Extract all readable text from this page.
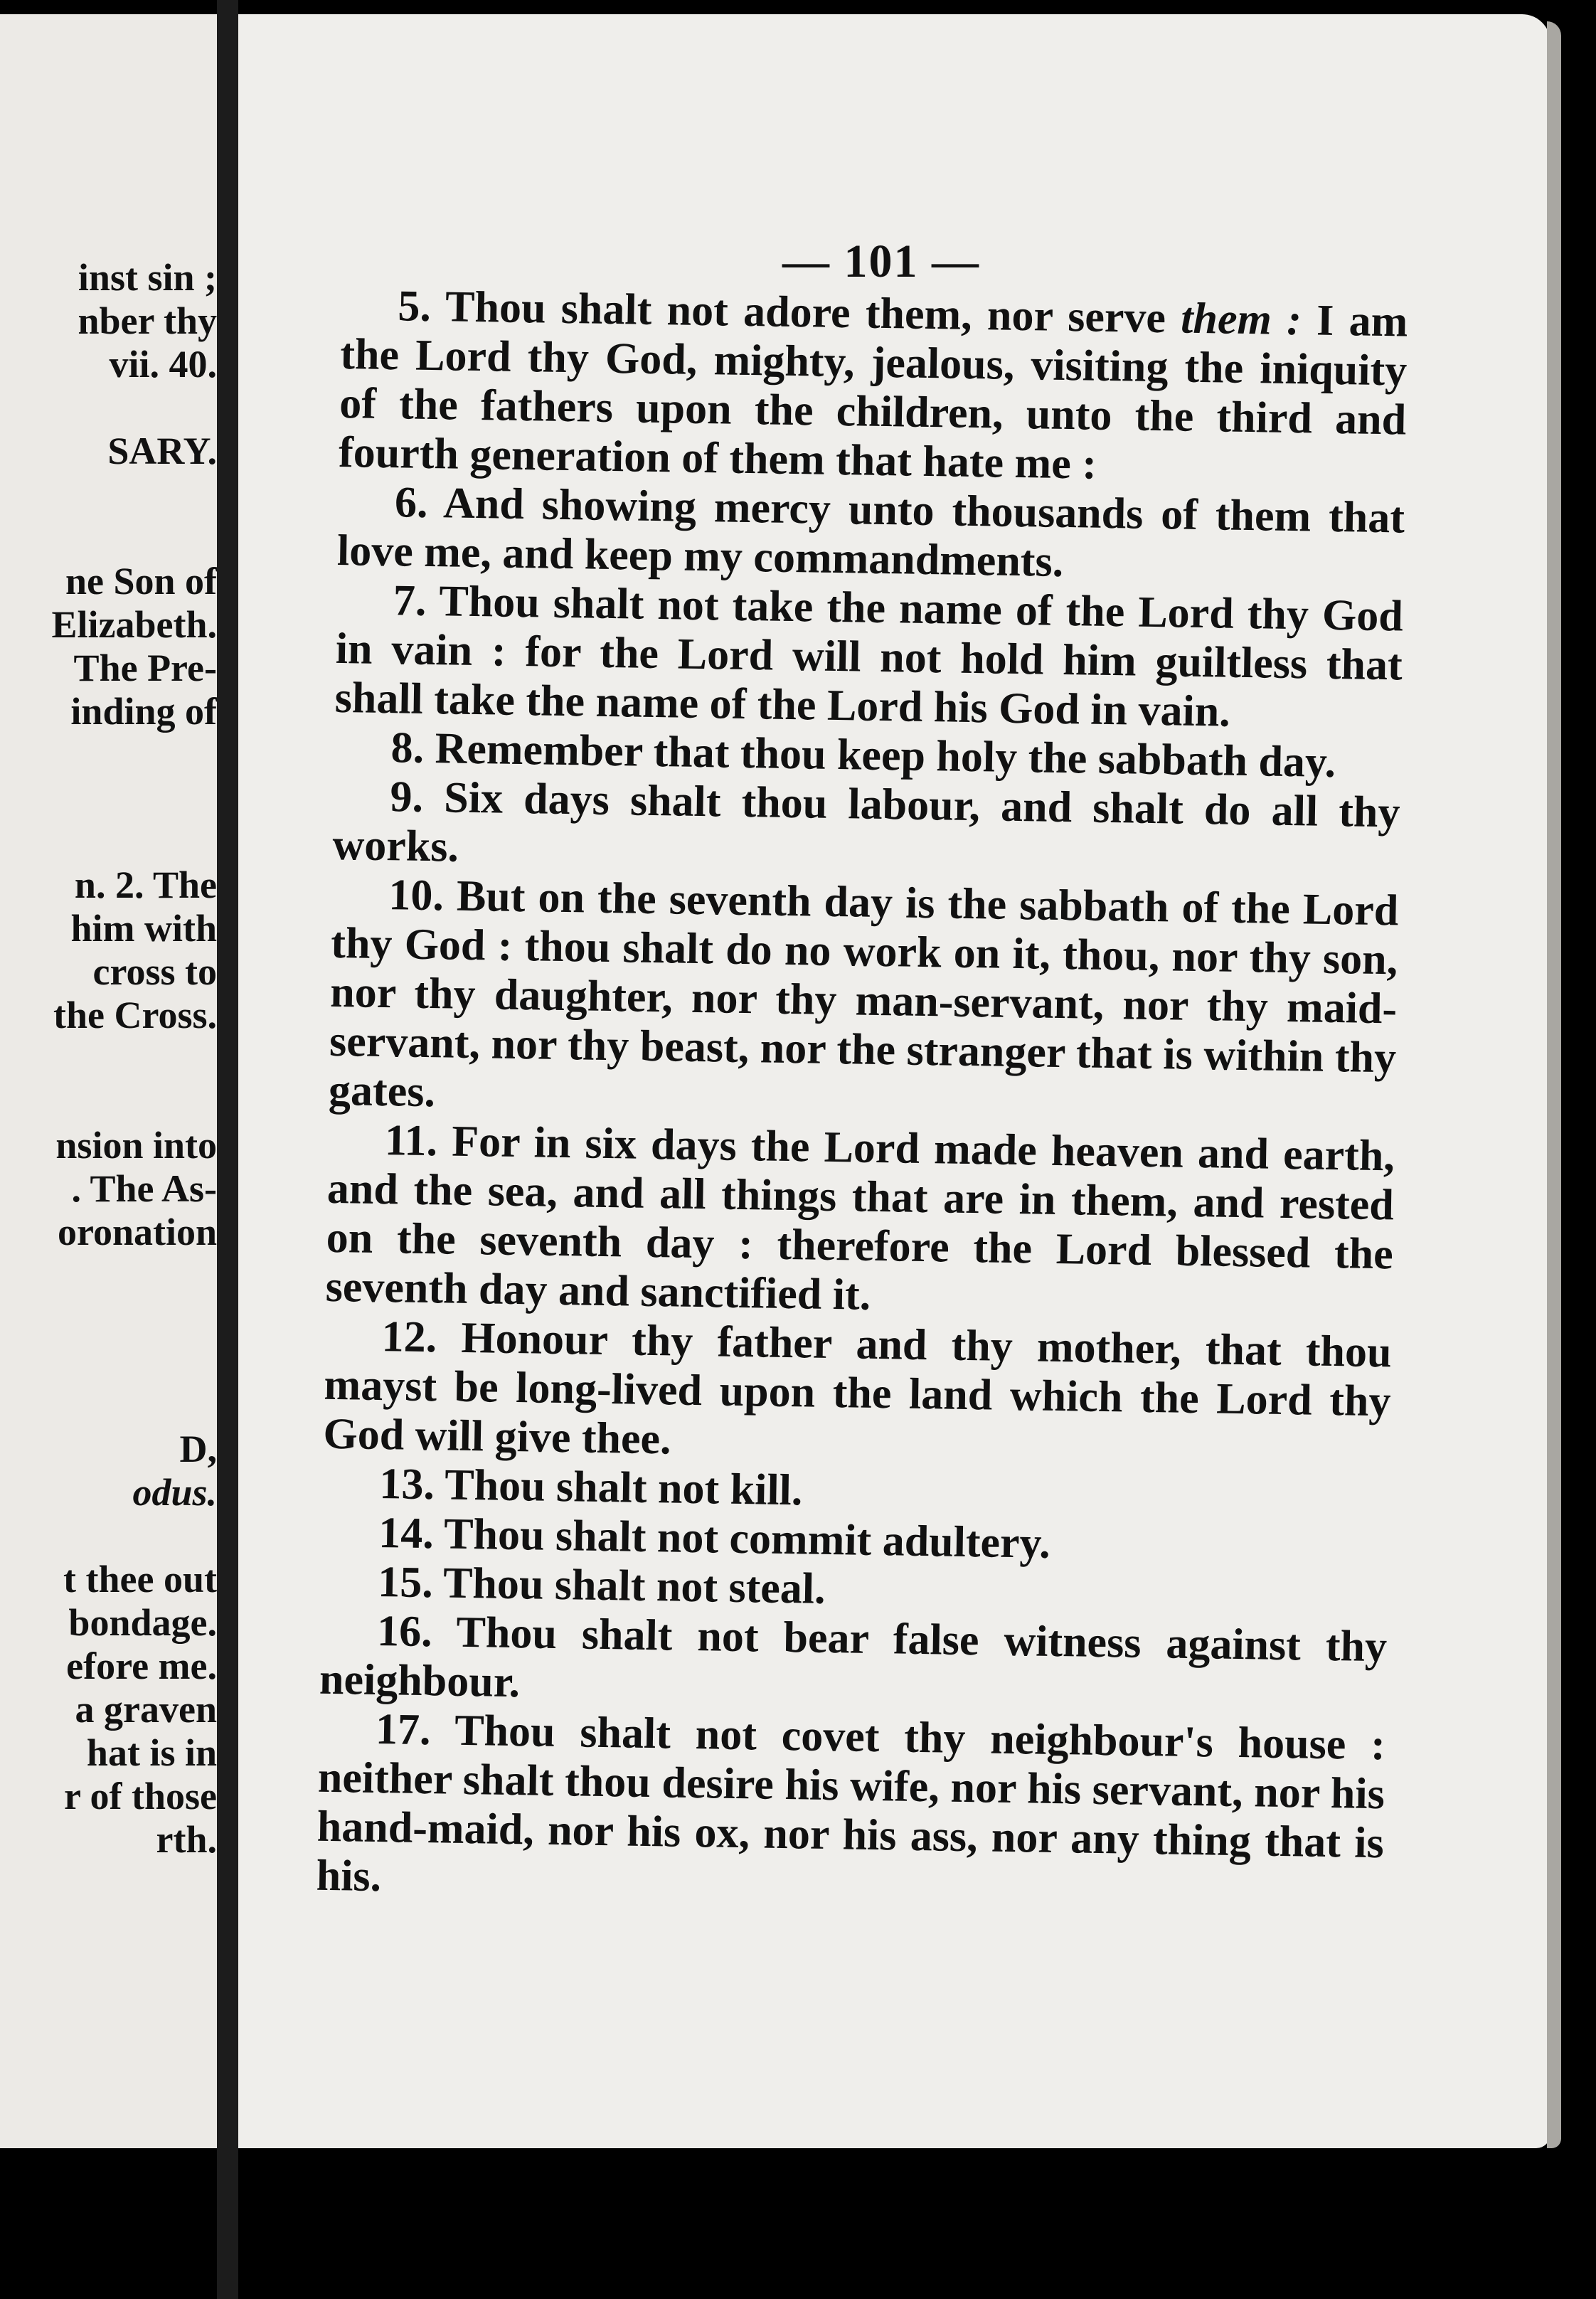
inst sin ;
nber thy
vii. 40.
SARY.
ne Son of
Elizabeth.
The Pre-
inding of
n. 2. The
him with
cross to
the Cross.
nsion into
. The As-
oronation
D,
odus.
t thee out
bondage.
efore me.
a graven
hat is in
r of those
rth.
— 101 —

5. Thou shalt not adore them, nor serve them : I am the Lord thy God, mighty, jealous, visiting the iniquity of the fathers upon the children, unto the third and fourth generation of them that hate me :

6. And showing mercy unto thousands of them that love me, and keep my commandments.

7. Thou shalt not take the name of the Lord thy God in vain : for the Lord will not hold him guiltless that shall take the name of the Lord his God in vain.

8. Remember that thou keep holy the sabbath day.

9. Six days shalt thou labour, and shalt do all thy works.

10. But on the seventh day is the sabbath of the Lord thy God : thou shalt do no work on it, thou, nor thy son, nor thy daughter, nor thy man-servant, nor thy maid-servant, nor thy beast, nor the stranger that is within thy gates.

11. For in six days the Lord made heaven and earth, and the sea, and all things that are in them, and rested on the seventh day : therefore the Lord blessed the seventh day and sanctified it.

12. Honour thy father and thy mother, that thou mayst be long-lived upon the land which the Lord thy God will give thee.

13. Thou shalt not kill.

14. Thou shalt not commit adultery.

15. Thou shalt not steal.

16. Thou shalt not bear false witness against thy neighbour.

17. Thou shalt not covet thy neighbour's house : neither shalt thou desire his wife, nor his servant, nor his hand-maid, nor his ox, nor his ass, nor any thing that is his.
